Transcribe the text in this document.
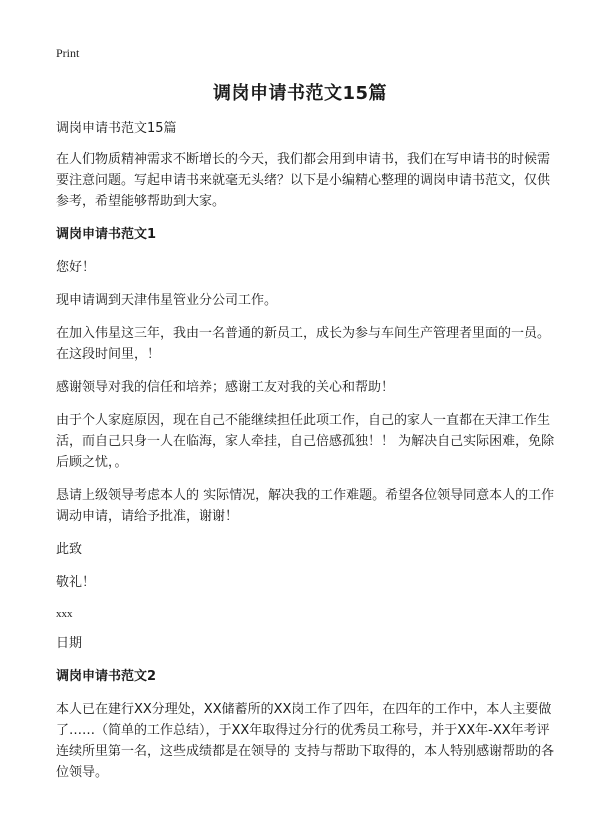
Print
调岗申请书范文15篇

调岗申请书范文15篇

在人们物质精神需求不断增长的今天，我们都会用到申请书，我们在写申请书的时候需要注意问题。写起申请书来就毫无头绪？以下是小编精心整理的调岗申请书范文，仅供参考，希望能够帮助到大家。

调岗申请书范文1

您好！

现申请调到天津伟星管业分公司工作。

在加入伟星这三年，我由一名普通的新员工，成长为参与车间生产管理者里面的一员。 在这段时间里，！

感谢领导对我的信任和培养；感谢工友对我的关心和帮助！

由于个人家庭原因，现在自己不能继续担任此项工作，自己的家人一直都在天津工作生活，而自己只身一人在临海，家人牵挂，自己倍感孤独！！ 为解决自己实际困难，免除后顾之忧，。

恳请上级领导考虑本人的 实际情况，解决我的工作难题。希望各位领导同意本人的工作调动申请，请给予批准，谢谢！

此致

敬礼！

xxx

日期

调岗申请书范文2

本人已在建行XX分理处，XX储蓄所的XX岗工作了四年，在四年的工作中，本人主要做了……（简单的工作总结），于XX年取得过分行的优秀员工称号，并于XX年-XX年考评连续所里第一名，这些成绩都是在领导的 支持与帮助下取得的，本人特别感谢帮助的各位领导。
